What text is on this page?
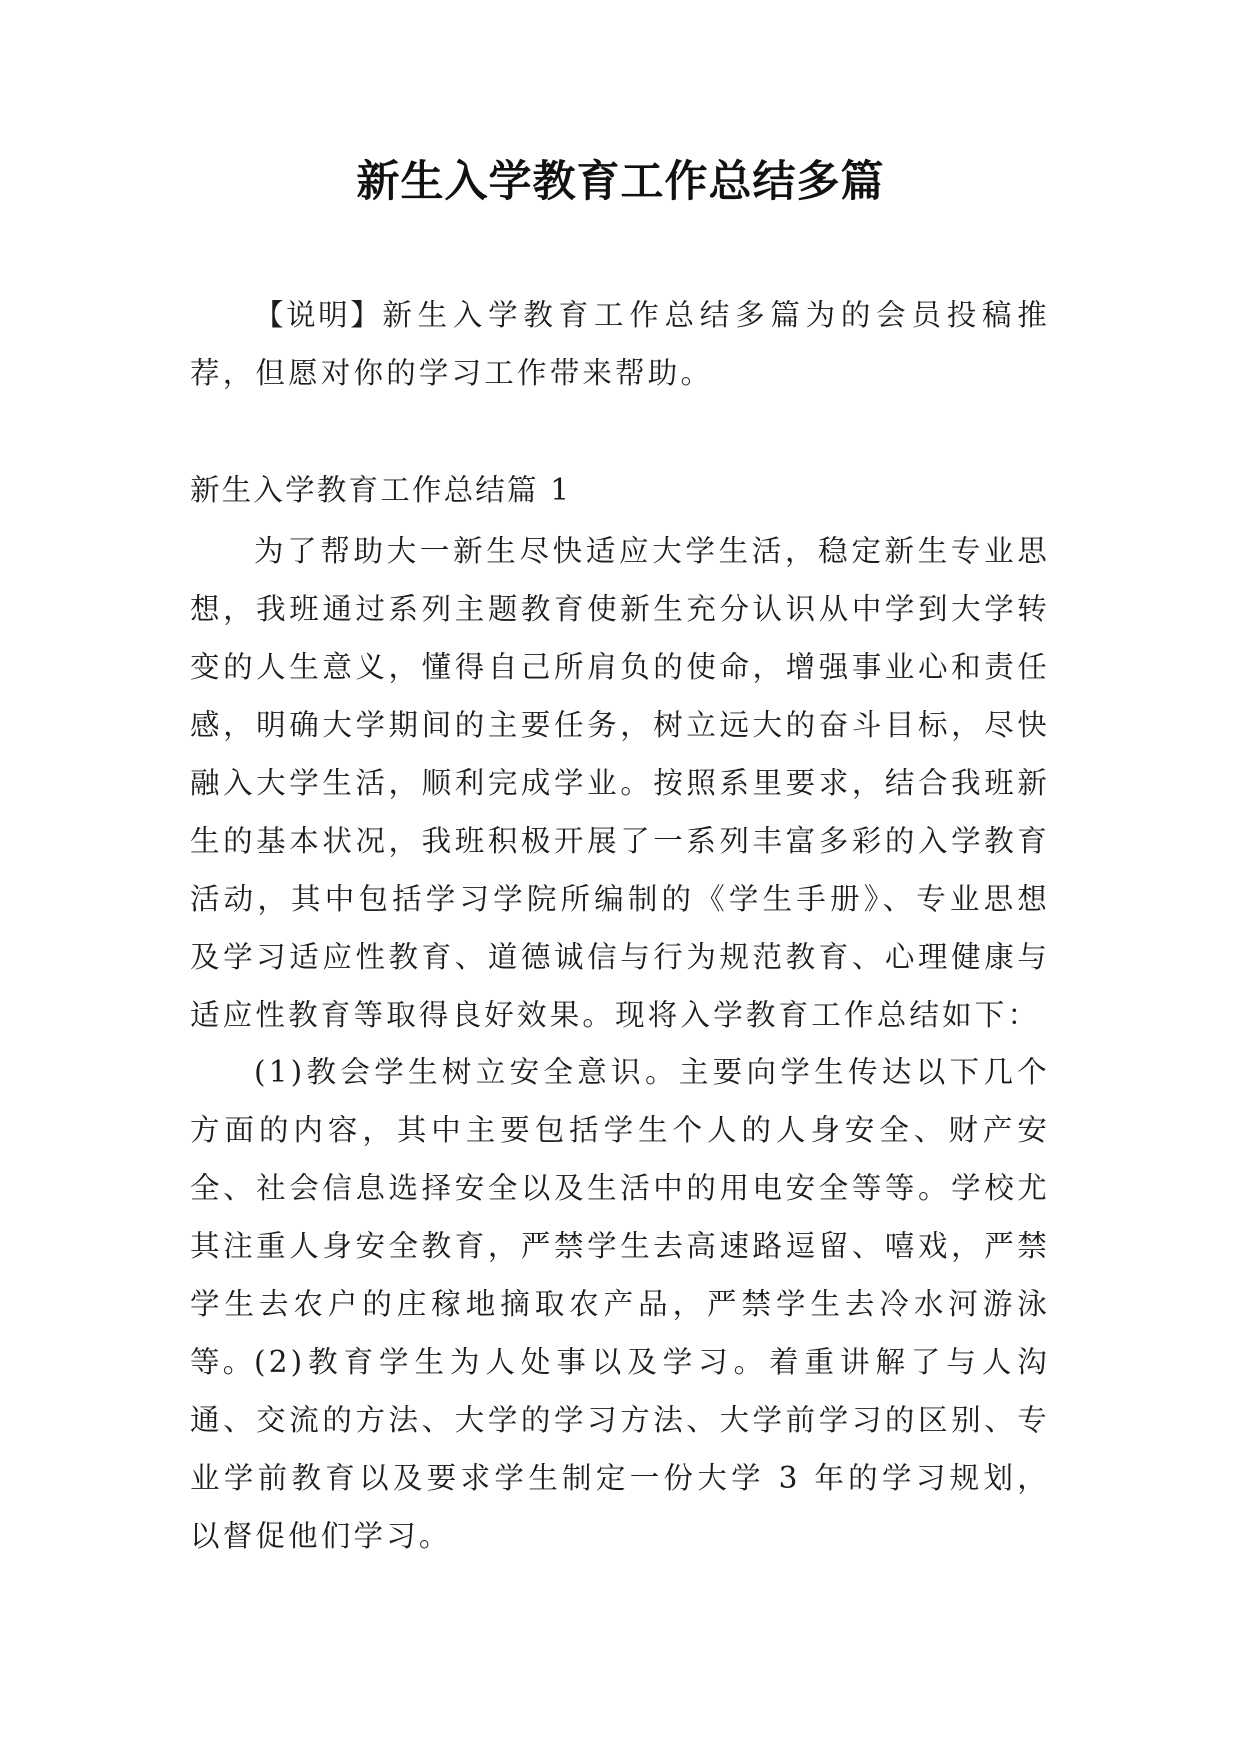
新生入学教育工作总结多篇

【说明】新生入学教育工作总结多篇为的会员投稿推荐，但愿对你的学习工作带来帮助。

新生入学教育工作总结篇 1

为了帮助大一新生尽快适应大学生活，稳定新生专业思想，我班通过系列主题教育使新生充分认识从中学到大学转变的人生意义，懂得自己所肩负的使命，增强事业心和责任感，明确大学期间的主要任务，树立远大的奋斗目标，尽快融入大学生活，顺利完成学业。按照系里要求，结合我班新生的基本状况，我班积极开展了一系列丰富多彩的入学教育活动，其中包括学习学院所编制的《学生手册》、专业思想及学习适应性教育、道德诚信与行为规范教育、心理健康与适应性教育等取得良好效果。现将入学教育工作总结如下：

(1)教会学生树立安全意识。主要向学生传达以下几个方面的内容，其中主要包括学生个人的人身安全、财产安全、社会信息选择安全以及生活中的用电安全等等。学校尤其注重人身安全教育，严禁学生去高速路逗留、嘻戏，严禁学生去农户的庄稼地摘取农产品，严禁学生去冷水河游泳等。

(2)教育学生为人处事以及学习。着重讲解了与人沟通、交流的方法、大学的学习方法、大学前学习的区别、专业学前教育以及要求学生制定一份大学 3 年的学习规划，以督促他们学习。
